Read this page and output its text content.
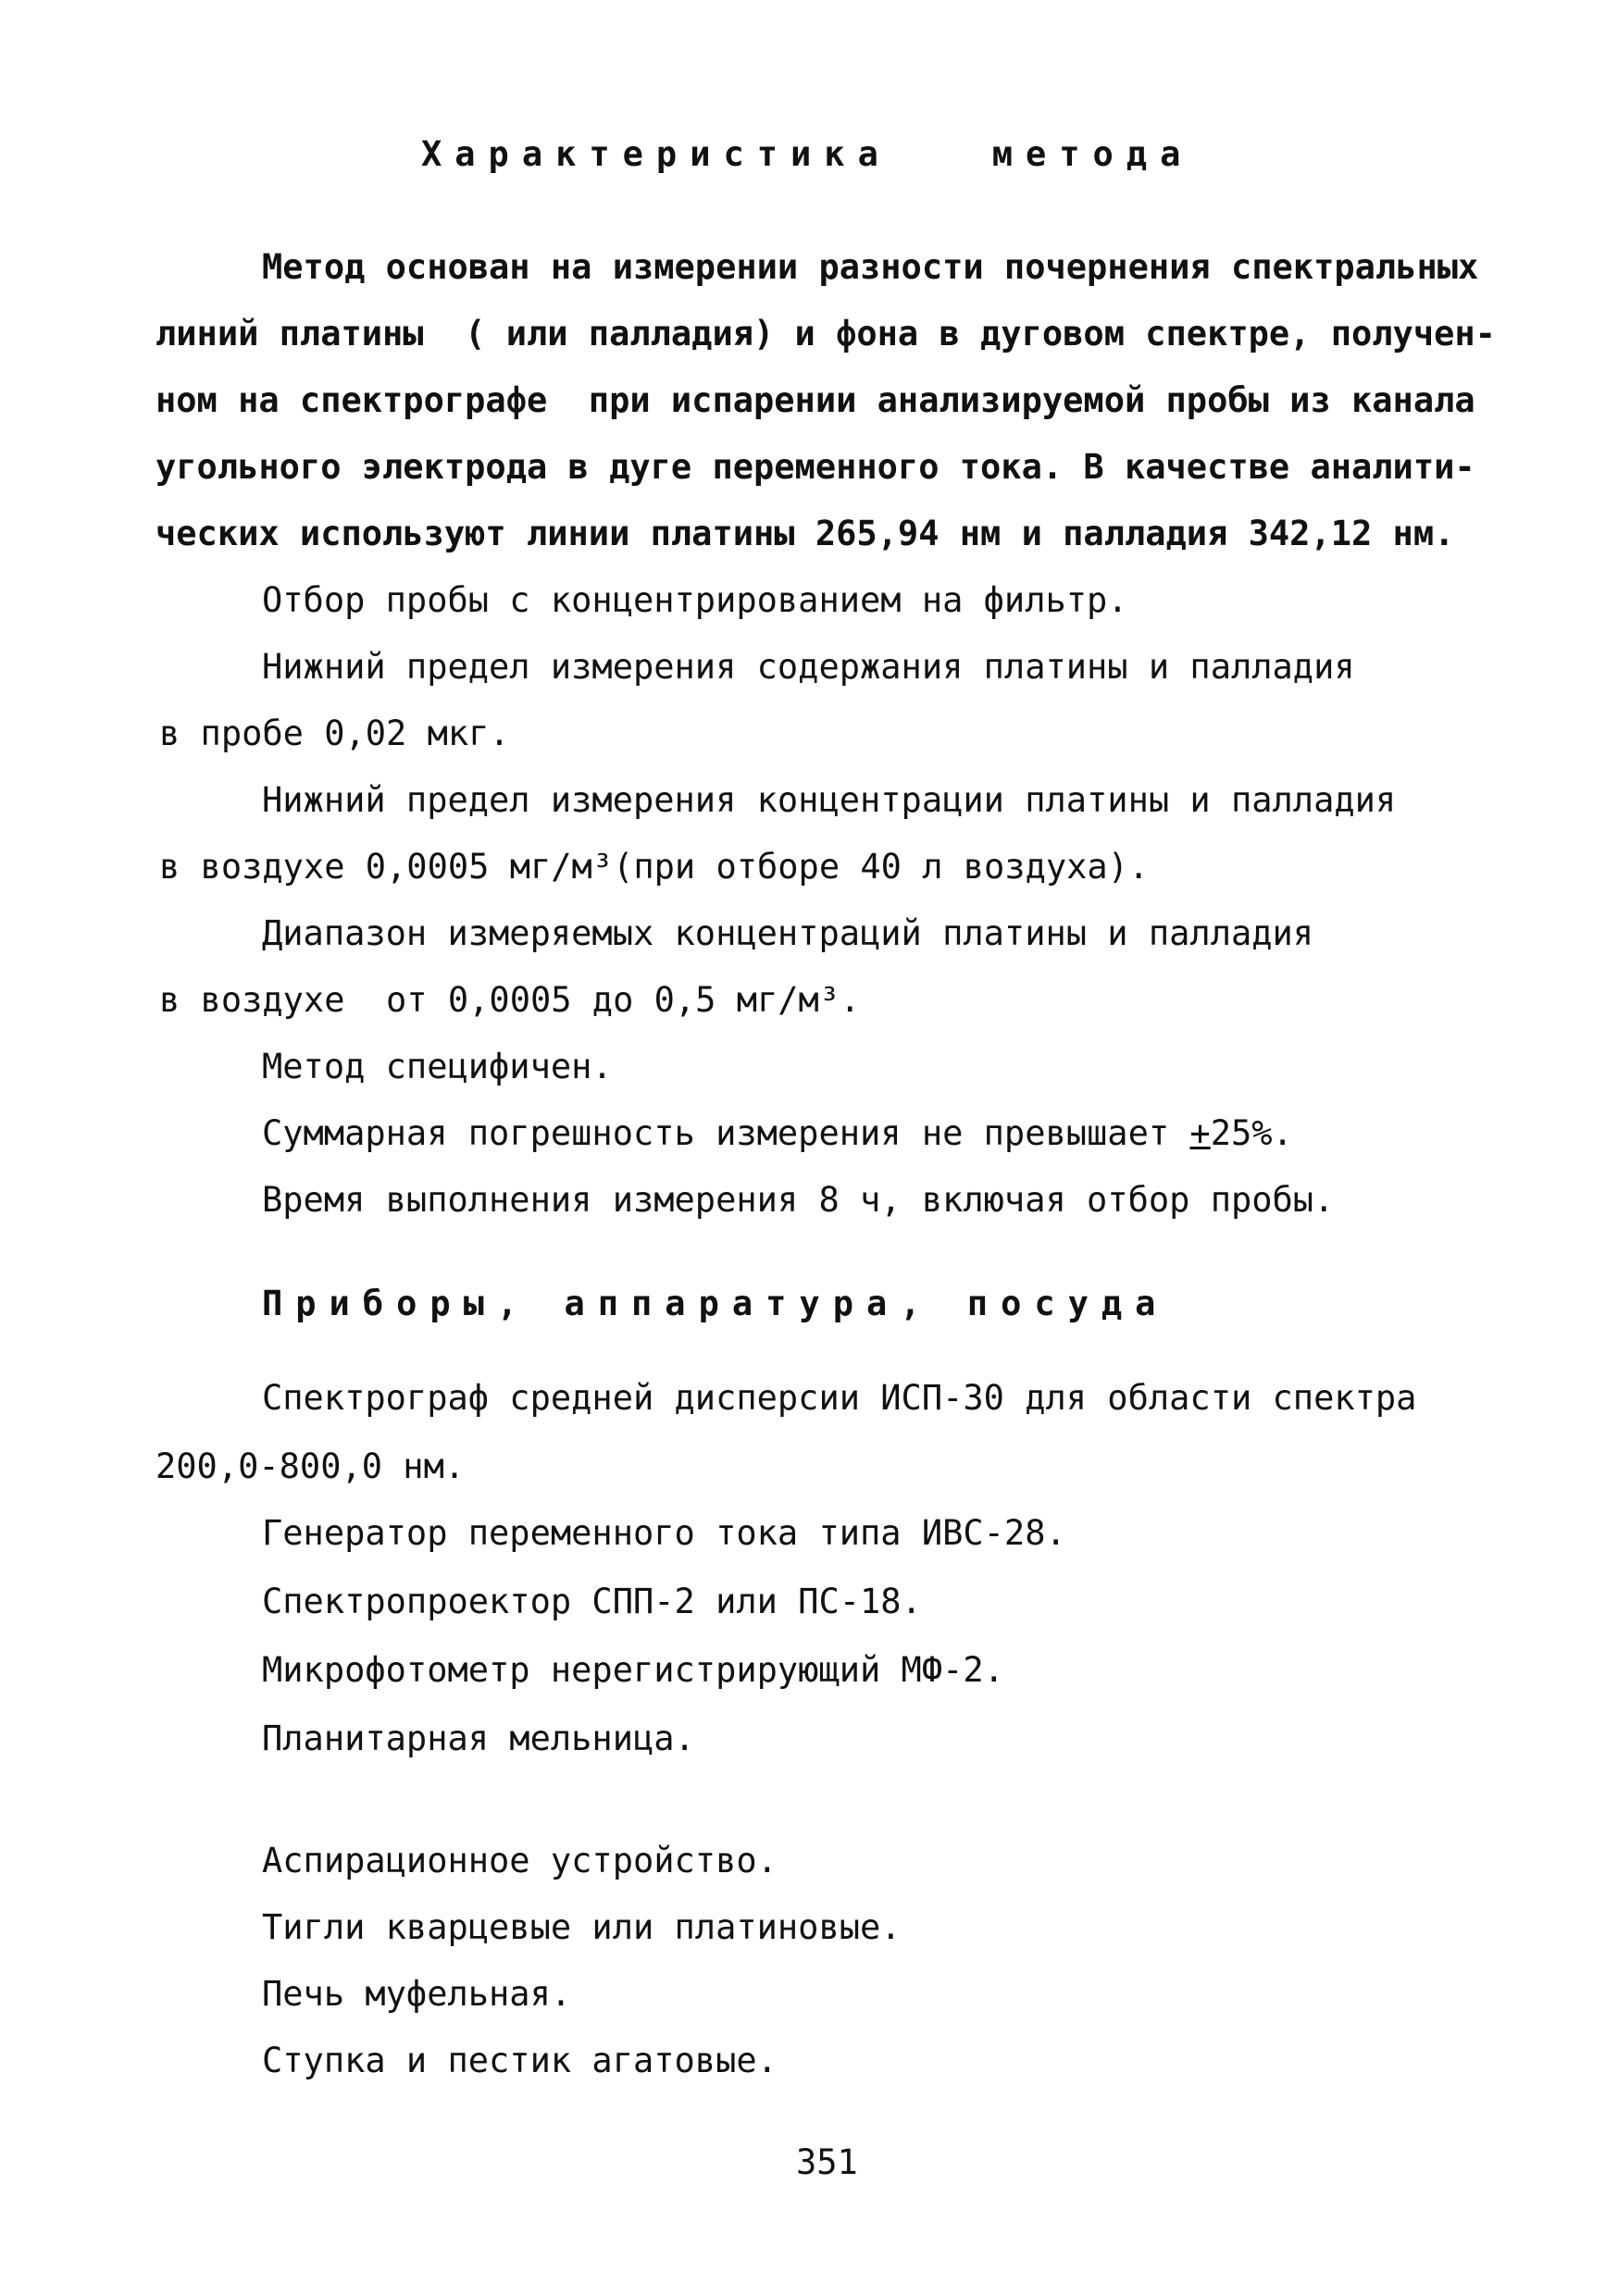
Характеристика   метода
Метод основан на измерении разности почернения спектральных
линий платины  ( или палладия) и фона в дуговом спектре, получен-
ном на спектрографе  при испарении анализируемой пробы из канала
угольного электрода в дуге переменного тока. В качестве аналити-
ческих используют линии платины 265,94 нм и палладия 342,12 нм.
Отбор пробы с концентрированием на фильтр.
Нижний предел измерения содержания платины и палладия
в пробе 0,02 мкг.
Нижний предел измерения концентрации платины и палладия
в воздухе 0,0005 мг/м³(при отборе 40 л воздуха).
Диапазон измеряемых концентраций платины и палладия
в воздухе  от 0,0005 до 0,5 мг/м³.
Метод специфичен.
Суммарная погрешность измерения не превышает +25%.
Время выполнения измерения 8 ч, включая отбор пробы.
Приборы, аппаратура, посуда
Спектрограф средней дисперсии ИСП-30 для области спектра
200,0-800,0 нм.
Генератор переменного тока типа ИВС-28.
Спектропроектор СПП-2 или ПС-18.
Микрофотометр нерегистрирующий МФ-2.
Планитарная мельница.
Аспирационное устройство.
Тигли кварцевые или платиновые.
Печь муфельная.
Ступка и пестик агатовые.
351
